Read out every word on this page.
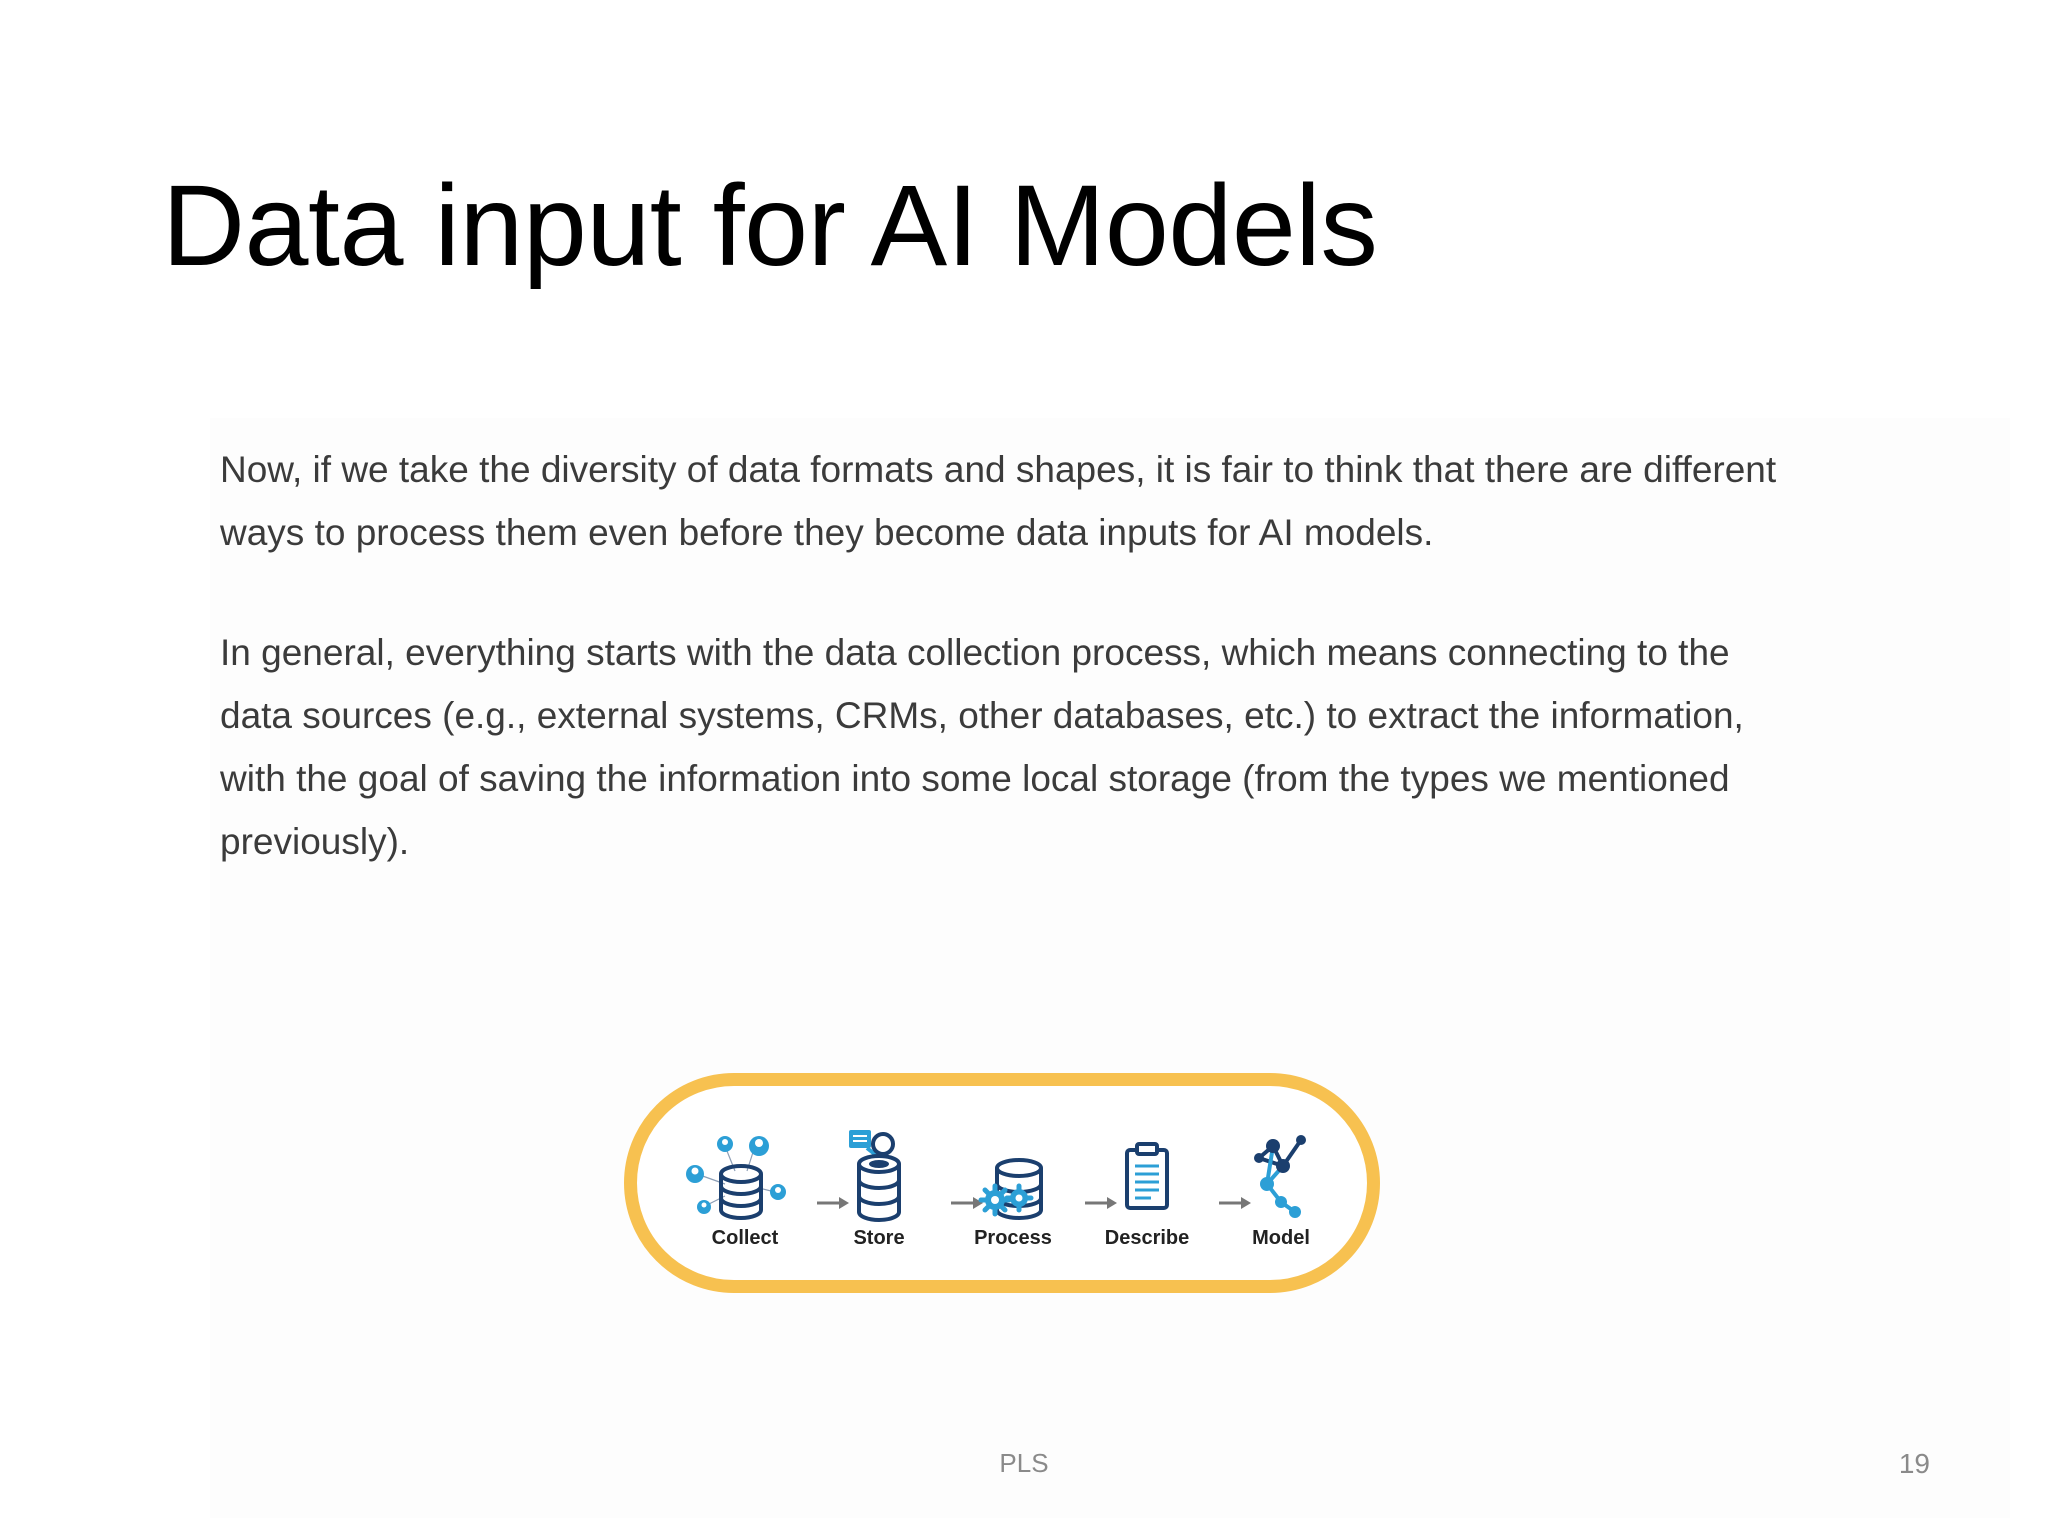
Data input for AI Models

Now, if we take the diversity of data formats and shapes, it is fair to think that there are different ways to process them even before they become data inputs for AI models.

In general, everything starts with the data collection process, which means connecting to the data sources (e.g., external systems, CRMs, other databases, etc.) to extract the information, with the goal of saving the information into some local storage (from the types we mentioned previously).

Collect	Store	Process	Describe	Model
PLS	19
